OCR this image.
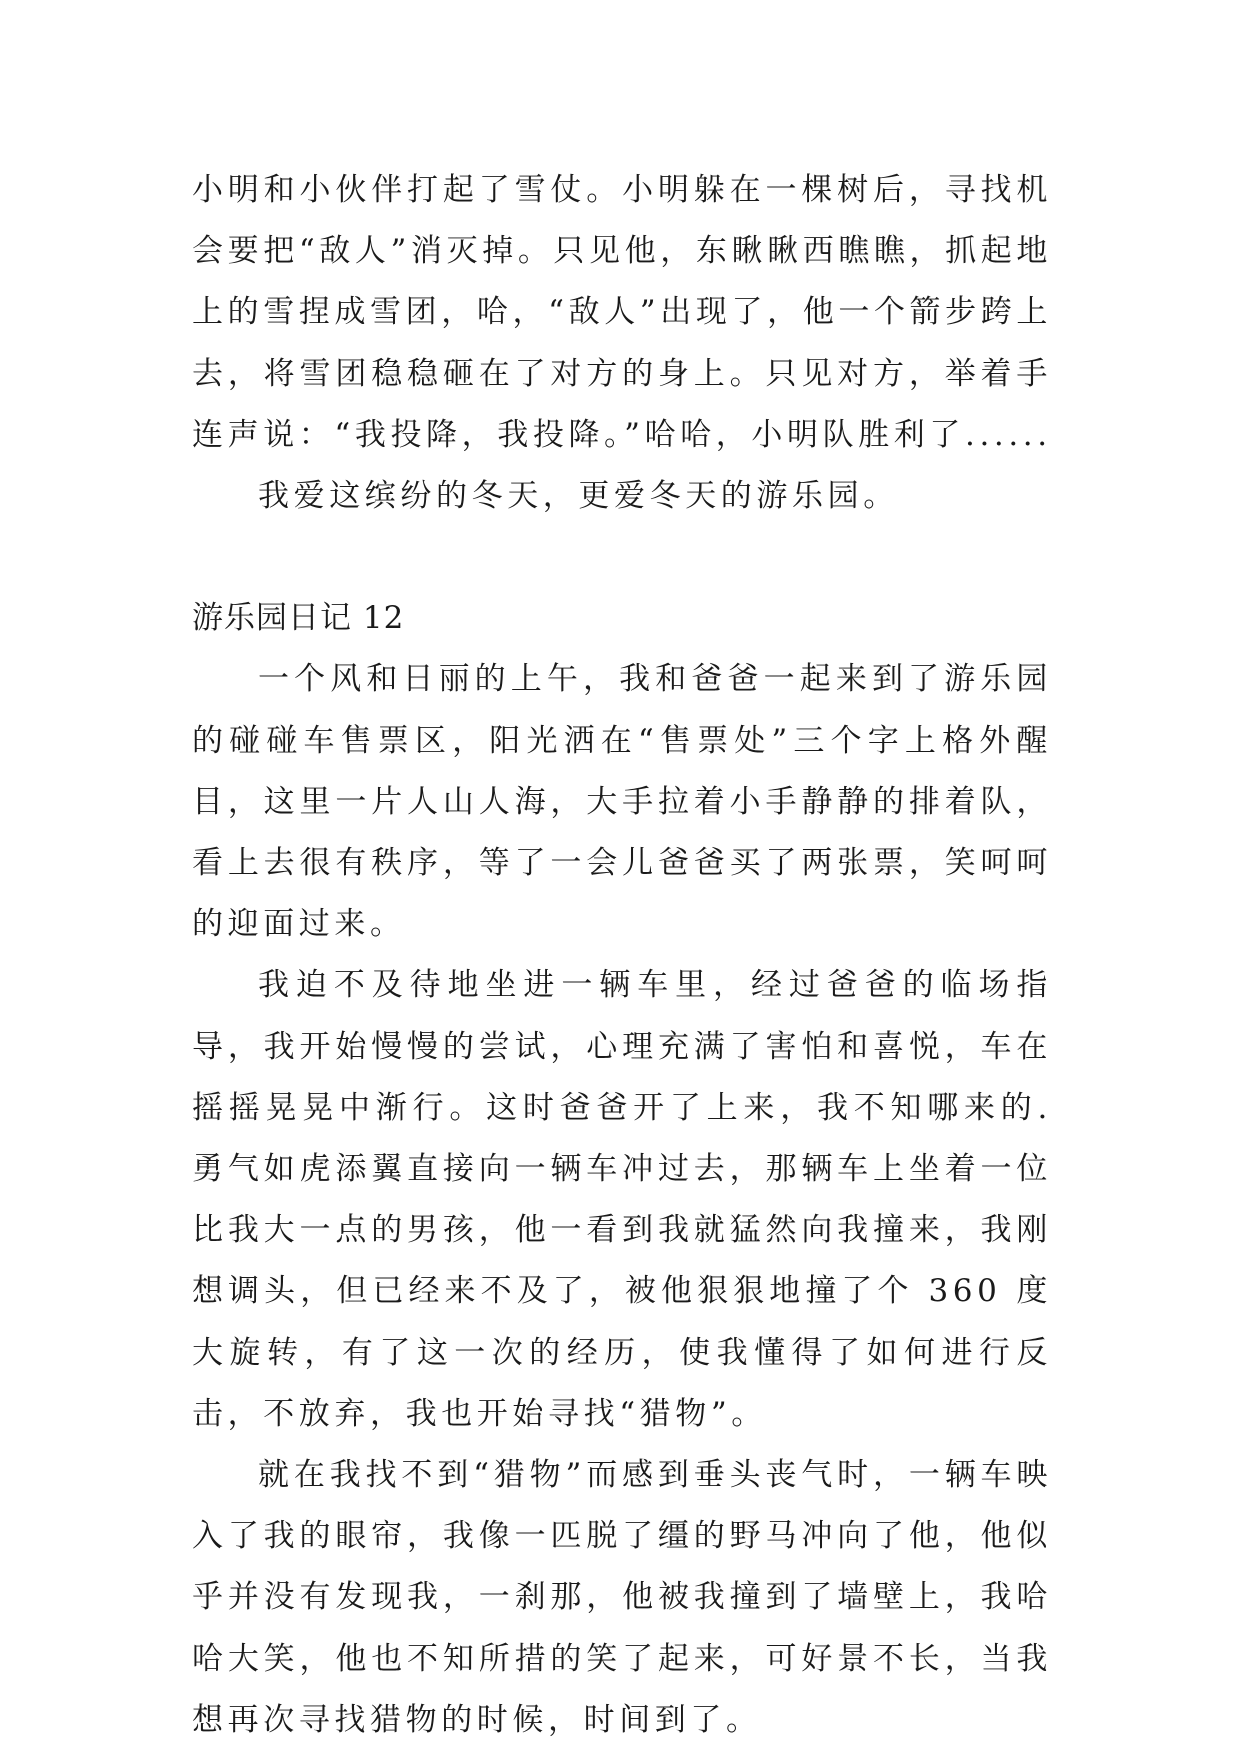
小明和小伙伴打起了雪仗。小明躲在一棵树后，寻找机会要把“敌人”消灭掉。只见他，东瞅瞅西瞧瞧，抓起地上的雪捏成雪团，哈，“敌人”出现了，他一个箭步跨上去，将雪团稳稳砸在了对方的身上。只见对方，举着手连声说：“我投降，我投降。”哈哈，小明队胜利了......

我爱这缤纷的冬天，更爱冬天的游乐园。

游乐园日记 12

一个风和日丽的上午，我和爸爸一起来到了游乐园的碰碰车售票区，阳光洒在“售票处”三个字上格外醒目，这里一片人山人海，大手拉着小手静静的排着队，看上去很有秩序，等了一会儿爸爸买了两张票，笑呵呵的迎面过来。

我迫不及待地坐进一辆车里，经过爸爸的临场指导，我开始慢慢的尝试，心理充满了害怕和喜悦，车在摇摇晃晃中渐行。这时爸爸开了上来，我不知哪来的.勇气如虎添翼直接向一辆车冲过去，那辆车上坐着一位比我大一点的男孩，他一看到我就猛然向我撞来，我刚想调头，但已经来不及了，被他狠狠地撞了个 360 度大旋转，有了这一次的经历，使我懂得了如何进行反击，不放弃，我也开始寻找“猎物”。

就在我找不到“猎物”而感到垂头丧气时，一辆车映入了我的眼帘，我像一匹脱了缰的野马冲向了他，他似乎并没有发现我，一刹那，他被我撞到了墙壁上，我哈哈大笑，他也不知所措的笑了起来，可好景不长，当我想再次寻找猎物的时候，时间到了。
